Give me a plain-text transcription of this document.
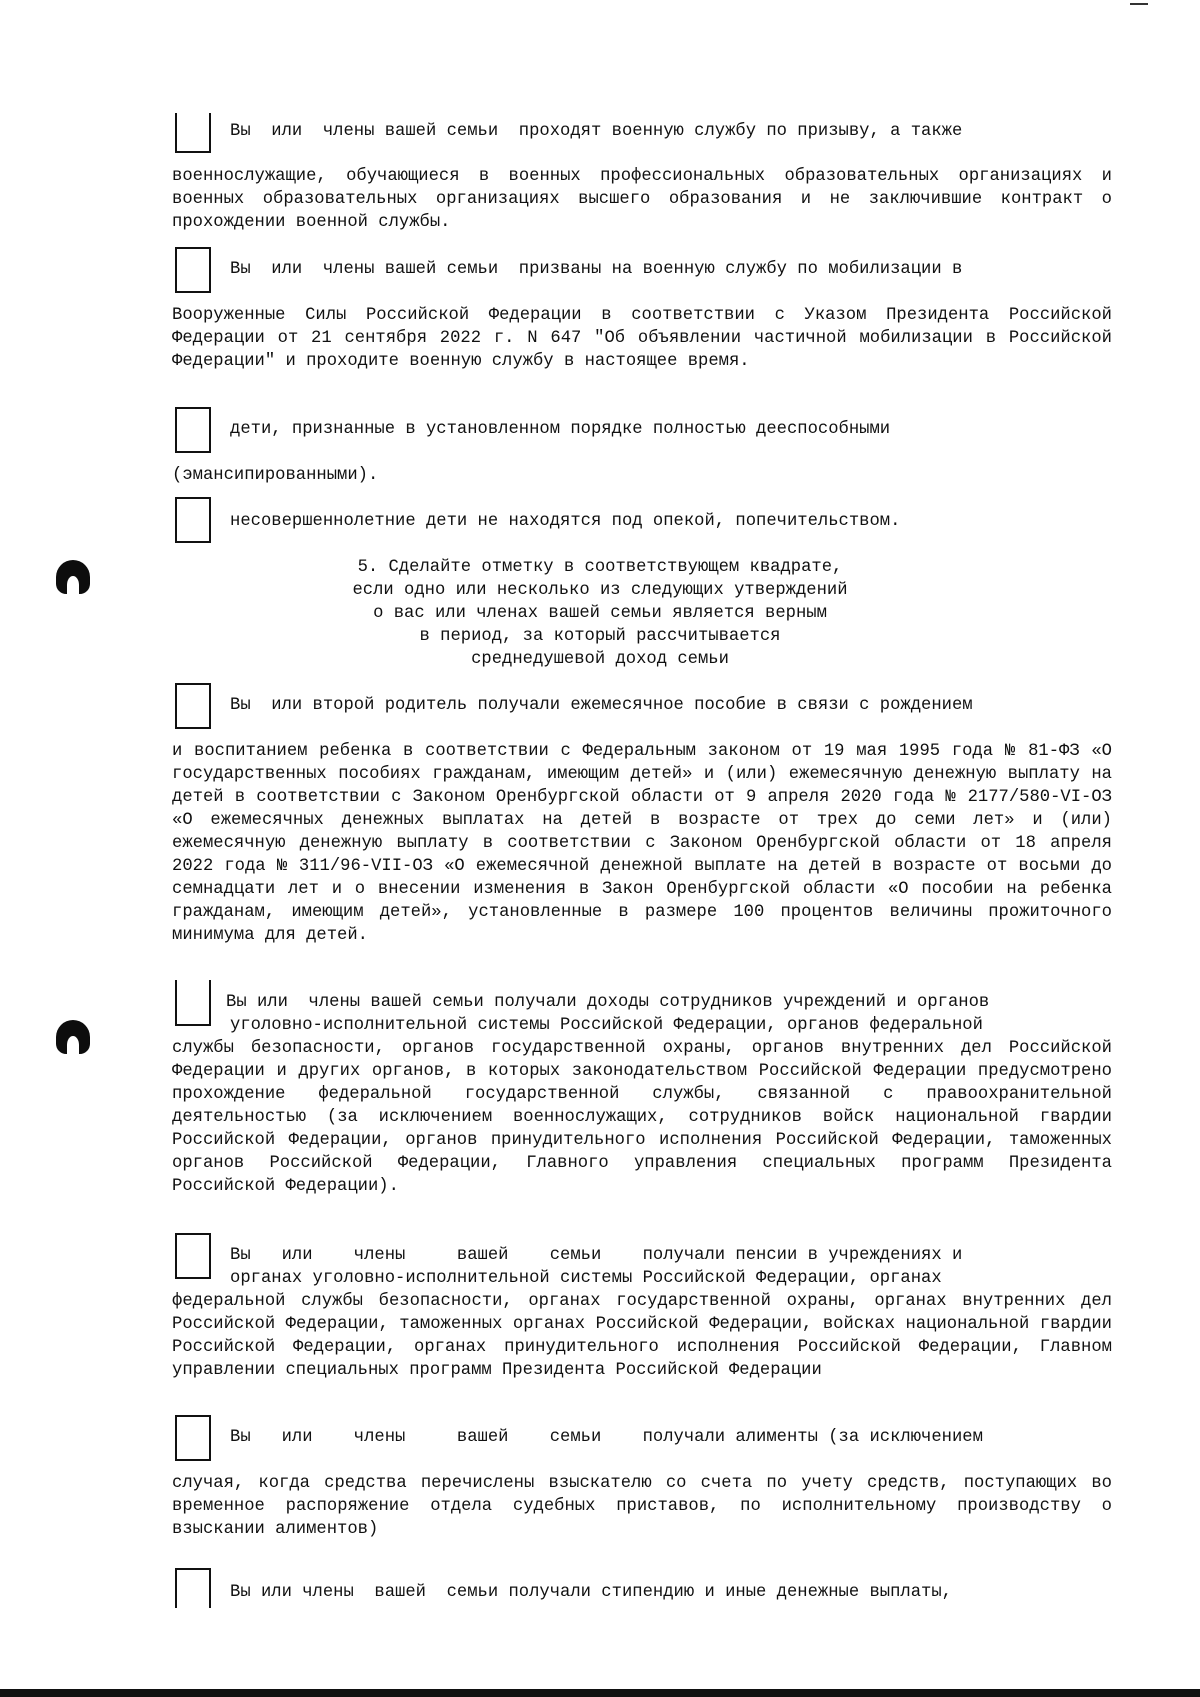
Вы  или  члены вашей семьи  проходят военную службу по призыву, а также

военнослужащие, обучающиеся в военных профессиональных образовательных организациях и военных образовательных организациях высшего образования и не заключившие контракт о прохождении военной службы.

Вы  или  члены вашей семьи  призваны на военную службу по мобилизации в

Вооруженные Силы Российской Федерации в соответствии с Указом Президента Российской Федерации от 21 сентября 2022 г. N 647 "Об объявлении частичной мобилизации в Российской Федерации" и проходите военную службу в настоящее время.

дети, признанные в установленном порядке полностью дееспособными

(эмансипированными).

несовершеннолетние дети не находятся под опекой, попечительством.
5. Сделайте отметку в соответствующем квадрате,
если одно или несколько из следующих утверждений
о вас или членах вашей семьи является верным
в период, за который рассчитывается
среднедушевой доход семьи
Вы  или второй родитель получали ежемесячное пособие в связи с рождением

и воспитанием ребенка в соответствии с Федеральным законом от 19 мая 1995 года № 81-ФЗ «О государственных пособиях гражданам, имеющим детей» и (или) ежемесячную денежную выплату на детей в соответствии с Законом Оренбургской области от 9 апреля 2020 года № 2177/580-VI-ОЗ «О ежемесячных денежных выплатах на детей в возрасте от трех до семи лет» и (или) ежемесячную денежную выплату в соответствии с Законом Оренбургской области от 18 апреля 2022 года № 311/96-VII-ОЗ «О ежемесячной денежной выплате на детей в возрасте от восьми до семнадцати лет и о внесении изменения в Закон Оренбургской области «О пособии на ребенка гражданам, имеющим детей», установленные в размере 100 процентов величины прожиточного минимума для детей.

Вы или  члены вашей семьи получали доходы сотрудников учреждений и органов
уголовно-исполнительной системы Российской Федерации, органов федеральной

службы безопасности, органов государственной охраны, органов внутренних дел Российской Федерации и других органов, в которых законодательством Российской Федерации предусмотрено прохождение федеральной государственной службы, связанной с правоохранительной деятельностью (за исключением военнослужащих, сотрудников войск национальной гвардии Российской Федерации, органов принудительного исполнения Российской Федерации, таможенных органов Российской Федерации, Главного управления специальных программ Президента Российской Федерации).

Вы   или    члены     вашей    семьи    получали пенсии в учреждениях и
органах уголовно-исполнительной системы Российской Федерации, органах

федеральной службы безопасности, органах государственной охраны, органах внутренних дел Российской Федерации, таможенных органах Российской Федерации, войсках национальной гвардии Российской Федерации, органах принудительного исполнения Российской Федерации, Главном управлении специальных программ Президента Российской Федерации

Вы   или    члены     вашей    семьи    получали алименты (за исключением

случая, когда средства перечислены взыскателю со счета по учету средств, поступающих во временное распоряжение отдела судебных приставов, по исполнительному производству о взыскании алиментов)

Вы или члены  вашей  семьи получали стипендию и иные денежные выплаты,
